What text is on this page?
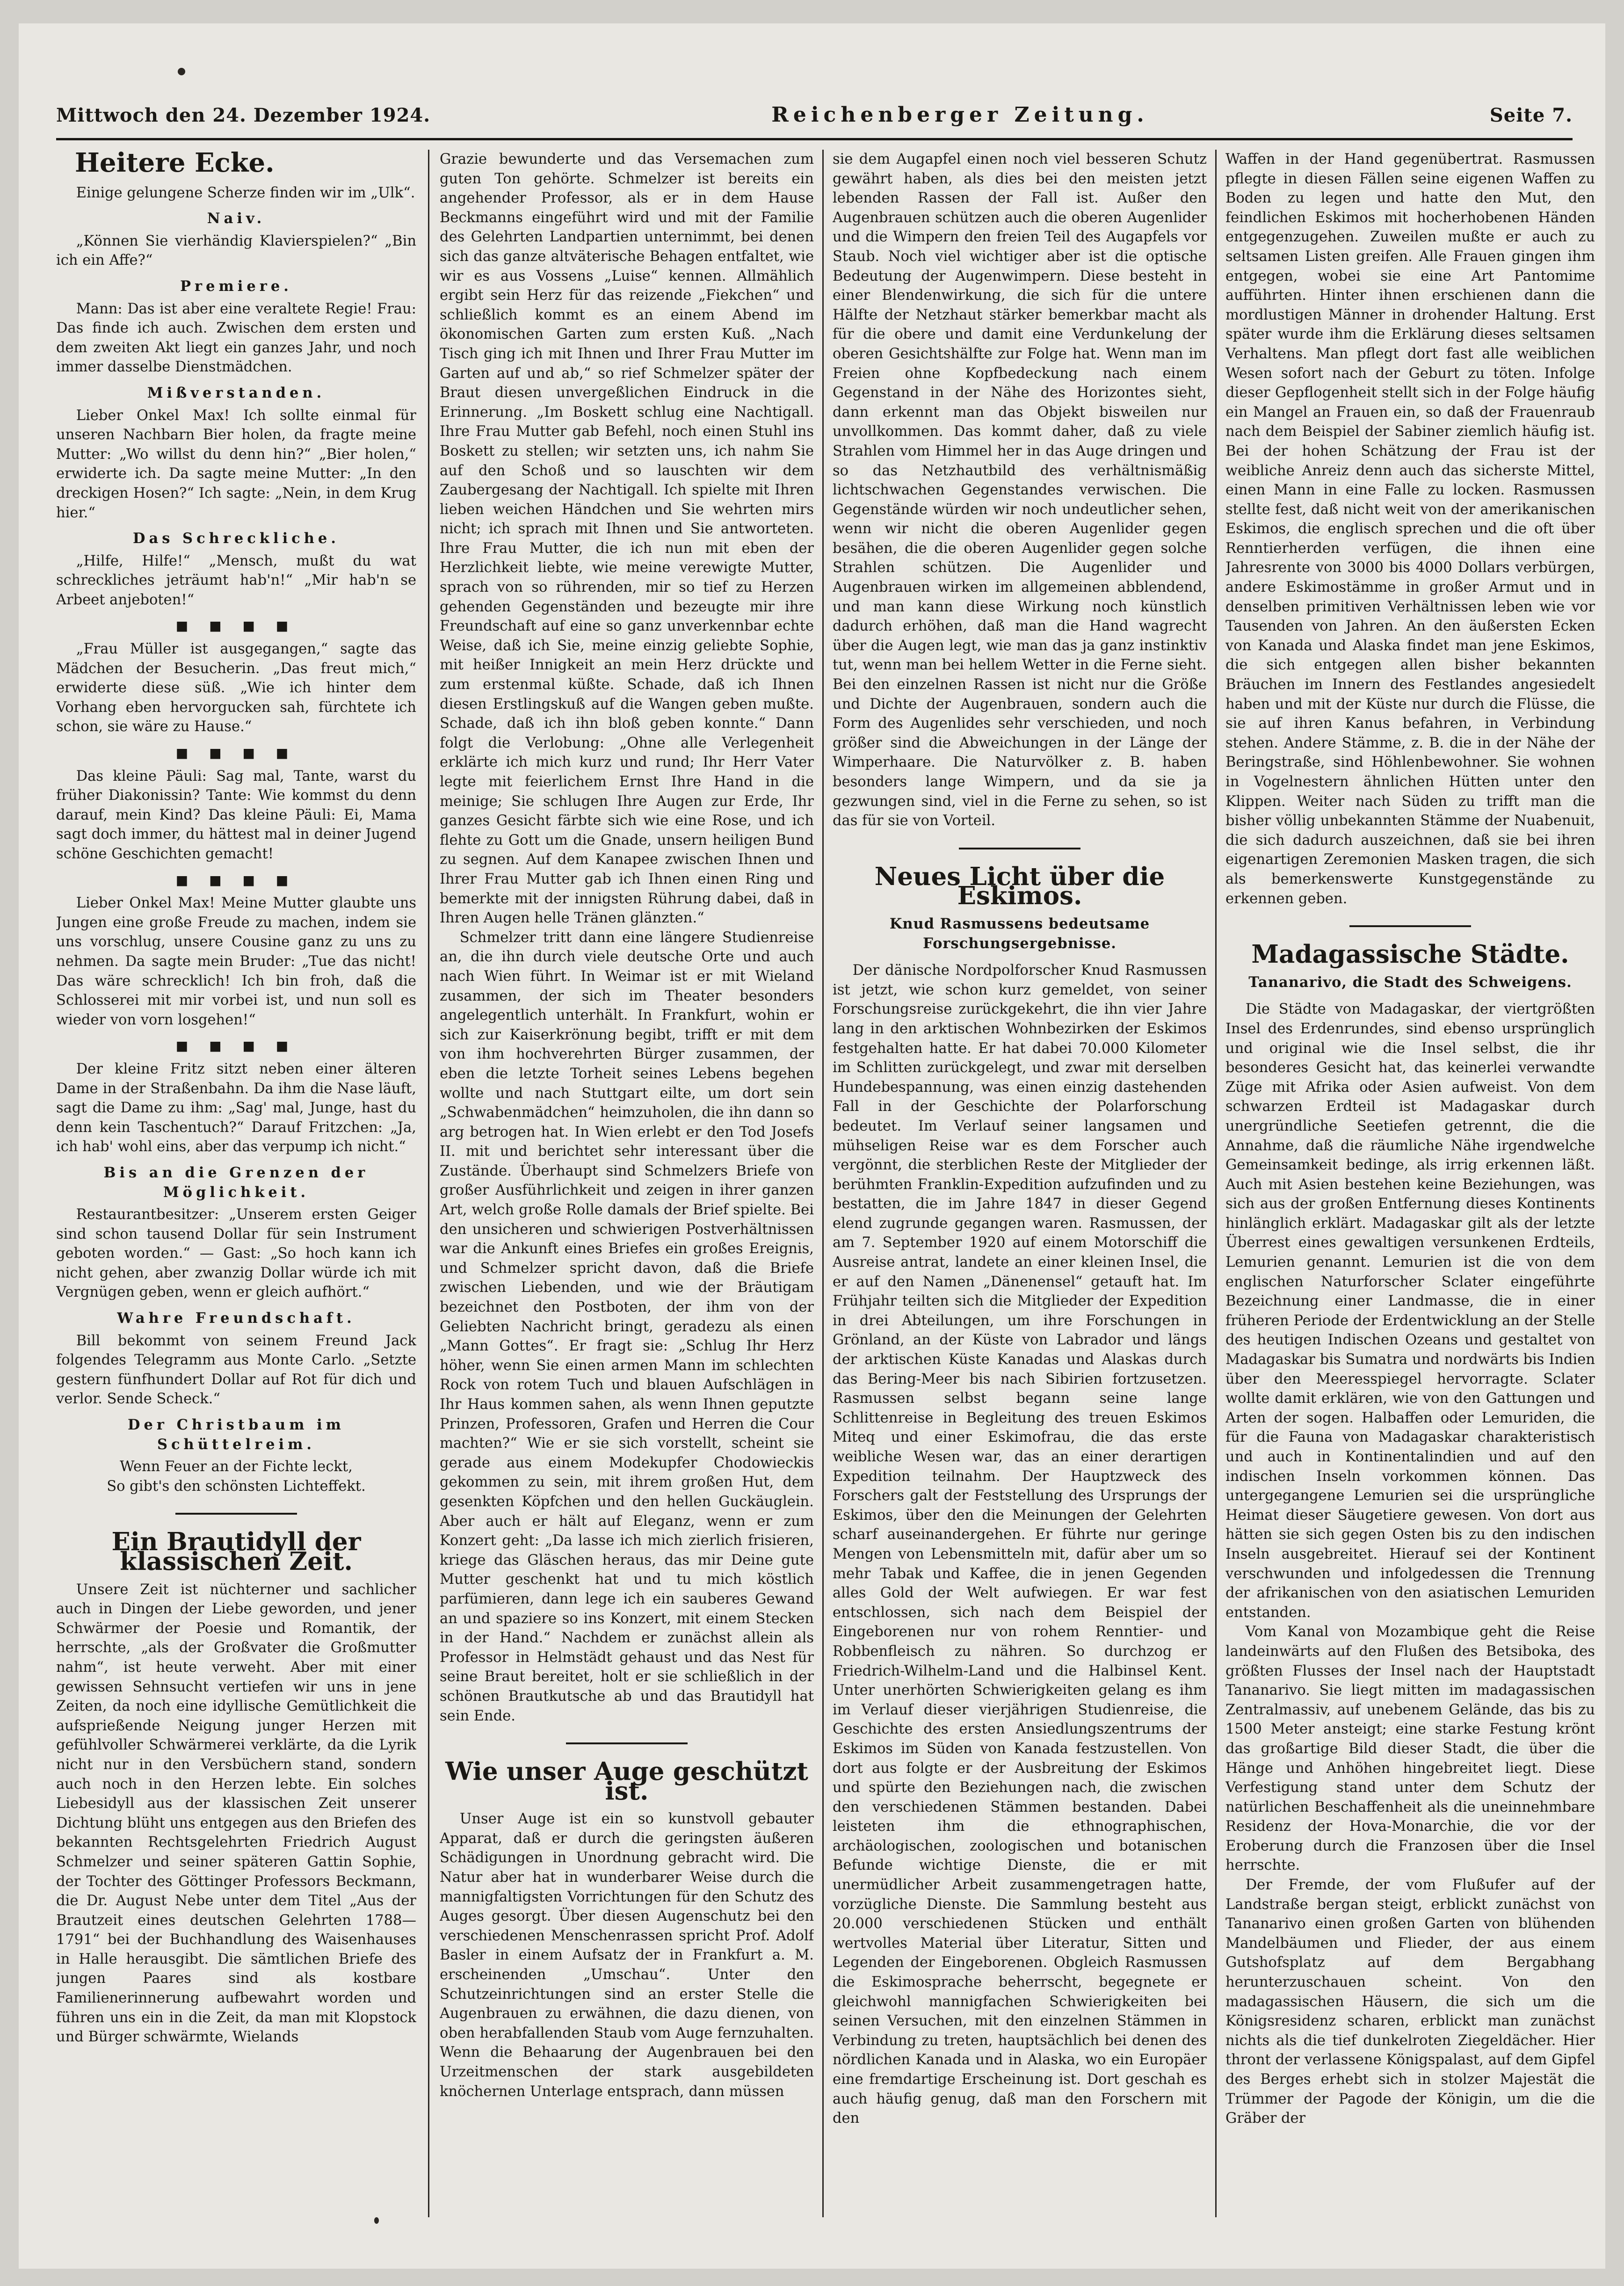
Mittwoch den 24. Dezember 1924.	Reichenberger Zeitung.	Seite 7.
Heitere Ecke.

Einige gelungene Scherze finden wir im „Ulk“.

Naiv.

„Können Sie vierhändig Klavierspielen?“ „Bin ich ein Affe?“

Premiere.

Mann: Das ist aber eine veraltete Regie! Frau: Das finde ich auch. Zwischen dem ersten und dem zweiten Akt liegt ein ganzes Jahr, und noch immer dasselbe Dienstmädchen.

Mißverstanden.

Lieber Onkel Max! Ich sollte einmal für unseren Nachbarn Bier holen, da fragte meine Mutter: „Wo willst du denn hin?“ „Bier holen,“ erwiderte ich. Da sagte meine Mutter: „In den dreckigen Hosen?“ Ich sagte: „Nein, in dem Krug hier.“

Das Schreckliche.

„Hilfe, Hilfe!“ „Mensch, mußt du wat schreckliches jeträumt hab'n!“ „Mir hab'n se Arbeet anjeboten!“

■ ■ ■ ■

„Frau Müller ist ausgegangen,“ sagte das Mädchen der Besucherin. „Das freut mich,“ erwiderte diese süß. „Wie ich hinter dem Vorhang eben hervorgucken sah, fürchtete ich schon, sie wäre zu Hause.“

■ ■ ■ ■

Das kleine Päuli: Sag mal, Tante, warst du früher Diakonissin? Tante: Wie kommst du denn darauf, mein Kind? Das kleine Päuli: Ei, Mama sagt doch immer, du hättest mal in deiner Jugend schöne Geschichten gemacht!

■ ■ ■ ■

Lieber Onkel Max! Meine Mutter glaubte uns Jungen eine große Freude zu machen, indem sie uns vorschlug, unsere Cousine ganz zu uns zu nehmen. Da sagte mein Bruder: „Tue das nicht! Das wäre schrecklich! Ich bin froh, daß die Schlosserei mit mir vorbei ist, und nun soll es wieder von vorn losgehen!“

■ ■ ■ ■

Der kleine Fritz sitzt neben einer älteren Dame in der Straßenbahn. Da ihm die Nase läuft, sagt die Dame zu ihm: „Sag' mal, Junge, hast du denn kein Taschentuch?“ Darauf Fritzchen: „Ja, ich hab' wohl eins, aber das verpump ich nicht.“

Bis an die Grenzen der Möglichkeit.

Restaurantbesitzer: „Unserem ersten Geiger sind schon tausend Dollar für sein Instrument geboten worden.“ — Gast: „So hoch kann ich nicht gehen, aber zwanzig Dollar würde ich mit Vergnügen geben, wenn er gleich aufhört.“

Wahre Freundschaft.

Bill bekommt von seinem Freund Jack folgendes Telegramm aus Monte Carlo. „Setzte gestern fünfhundert Dollar auf Rot für dich und verlor. Sende Scheck.“

Der Christbaum im Schüttelreim.

Wenn Feuer an der Fichte leckt,

So gibt's den schönsten Lichteffekt.

Ein Brautidyll der klassischen Zeit.

Unsere Zeit ist nüchterner und sachlicher auch in Dingen der Liebe geworden, und jener Schwärmer der Poesie und Romantik, der herrschte, „als der Großvater die Großmutter nahm“, ist heute verweht. Aber mit einer gewissen Sehnsucht vertiefen wir uns in jene Zeiten, da noch eine idyllische Gemütlichkeit die aufsprießende Neigung junger Herzen mit gefühlvoller Schwärmerei verklärte, da die Lyrik nicht nur in den Versbüchern stand, sondern auch noch in den Herzen lebte. Ein solches Liebesidyll aus der klassischen Zeit unserer Dichtung blüht uns entgegen aus den Briefen des bekannten Rechtsgelehrten Friedrich August Schmelzer und seiner späteren Gattin Sophie, der Tochter des Göttinger Professors Beckmann, die Dr. August Nebe unter dem Titel „Aus der Brautzeit eines deutschen Gelehrten 1788—1791“ bei der Buchhandlung des Waisenhauses in Halle herausgibt. Die sämtlichen Briefe des jungen Paares sind als kostbare Familienerinnerung aufbewahrt worden und führen uns ein in die Zeit, da man mit Klopstock und Bürger schwärmte, Wielands

Grazie bewunderte und das Versemachen zum guten Ton gehörte. Schmelzer ist bereits ein angehender Professor, als er in dem Hause Beckmanns eingeführt wird und mit der Familie des Gelehrten Landpartien unternimmt, bei denen sich das ganze altväterische Behagen entfaltet, wie wir es aus Vossens „Luise“ kennen. Allmählich ergibt sein Herz für das reizende „Fiekchen“ und schließlich kommt es an einem Abend im ökonomischen Garten zum ersten Kuß. „Nach Tisch ging ich mit Ihnen und Ihrer Frau Mutter im Garten auf und ab,“ so rief Schmelzer später der Braut diesen unvergeßlichen Eindruck in die Erinnerung. „Im Boskett schlug eine Nachtigall. Ihre Frau Mutter gab Befehl, noch einen Stuhl ins Boskett zu stellen; wir setzten uns, ich nahm Sie auf den Schoß und so lauschten wir dem Zaubergesang der Nachtigall. Ich spielte mit Ihren lieben weichen Händchen und Sie wehrten mirs nicht; ich sprach mit Ihnen und Sie antworteten. Ihre Frau Mutter, die ich nun mit eben der Herzlichkeit liebte, wie meine verewigte Mutter, sprach von so rührenden, mir so tief zu Herzen gehenden Gegenständen und bezeugte mir ihre Freundschaft auf eine so ganz unverkennbar echte Weise, daß ich Sie, meine einzig geliebte Sophie, mit heißer Innigkeit an mein Herz drückte und zum erstenmal küßte. Schade, daß ich Ihnen diesen Erstlingskuß auf die Wangen geben mußte. Schade, daß ich ihn bloß geben konnte.“ Dann folgt die Verlobung: „Ohne alle Verlegenheit erklärte ich mich kurz und rund; Ihr Herr Vater legte mit feierlichem Ernst Ihre Hand in die meinige; Sie schlugen Ihre Augen zur Erde, Ihr ganzes Gesicht färbte sich wie eine Rose, und ich flehte zu Gott um die Gnade, unsern heiligen Bund zu segnen. Auf dem Kanapee zwischen Ihnen und Ihrer Frau Mutter gab ich Ihnen einen Ring und bemerkte mit der innigsten Rührung dabei, daß in Ihren Augen helle Tränen glänzten.“

Schmelzer tritt dann eine längere Studienreise an, die ihn durch viele deutsche Orte und auch nach Wien führt. In Weimar ist er mit Wieland zusammen, der sich im Theater besonders angelegentlich unterhält. In Frankfurt, wohin er sich zur Kaiserkrönung begibt, trifft er mit dem von ihm hochverehrten Bürger zusammen, der eben die letzte Torheit seines Lebens begehen wollte und nach Stuttgart eilte, um dort sein „Schwabenmädchen“ heimzuholen, die ihn dann so arg betrogen hat. In Wien erlebt er den Tod Josefs II. mit und berichtet sehr interessant über die Zustände. Überhaupt sind Schmelzers Briefe von großer Ausführlichkeit und zeigen in ihrer ganzen Art, welch große Rolle damals der Brief spielte. Bei den unsicheren und schwierigen Postverhältnissen war die Ankunft eines Briefes ein großes Ereignis, und Schmelzer spricht davon, daß die Briefe zwischen Liebenden, und wie der Bräutigam bezeichnet den Postboten, der ihm von der Geliebten Nachricht bringt, geradezu als einen „Mann Gottes“. Er fragt sie: „Schlug Ihr Herz höher, wenn Sie einen armen Mann im schlechten Rock von rotem Tuch und blauen Aufschlägen in Ihr Haus kommen sahen, als wenn Ihnen geputzte Prinzen, Professoren, Grafen und Herren die Cour machten?“ Wie er sie sich vorstellt, scheint sie gerade aus einem Modekupfer Chodowieckis gekommen zu sein, mit ihrem großen Hut, dem gesenkten Köpfchen und den hellen Guckäuglein. Aber auch er hält auf Eleganz, wenn er zum Konzert geht: „Da lasse ich mich zierlich frisieren, kriege das Gläschen heraus, das mir Deine gute Mutter geschenkt hat und tu mich köstlich parfümieren, dann lege ich ein sauberes Gewand an und spaziere so ins Konzert, mit einem Stecken in der Hand.“ Nachdem er zunächst allein als Professor in Helmstädt gehaust und das Nest für seine Braut bereitet, holt er sie schließlich in der schönen Brautkutsche ab und das Brautidyll hat sein Ende.

Wie unser Auge geschützt ist.

Unser Auge ist ein so kunstvoll gebauter Apparat, daß er durch die geringsten äußeren Schädigungen in Unordnung gebracht wird. Die Natur aber hat in wunderbarer Weise durch die mannigfaltigsten Vorrichtungen für den Schutz des Auges gesorgt. Über diesen Augenschutz bei den verschiedenen Menschenrassen spricht Prof. Adolf Basler in einem Aufsatz der in Frankfurt a. M. erscheinenden „Umschau“. Unter den Schutzeinrichtungen sind an erster Stelle die Augenbrauen zu erwähnen, die dazu dienen, von oben herabfallenden Staub vom Auge fernzuhalten. Wenn die Behaarung der Augenbrauen bei den Urzeitmenschen der stark ausgebildeten knöchernen Unterlage entsprach, dann müssen

sie dem Augapfel einen noch viel besseren Schutz gewährt haben, als dies bei den meisten jetzt lebenden Rassen der Fall ist. Außer den Augenbrauen schützen auch die oberen Augenlider und die Wimpern den freien Teil des Augapfels vor Staub. Noch viel wichtiger aber ist die optische Bedeutung der Augenwimpern. Diese besteht in einer Blendenwirkung, die sich für die untere Hälfte der Netzhaut stärker bemerkbar macht als für die obere und damit eine Verdunkelung der oberen Gesichtshälfte zur Folge hat. Wenn man im Freien ohne Kopfbedeckung nach einem Gegenstand in der Nähe des Horizontes sieht, dann erkennt man das Objekt bisweilen nur unvollkommen. Das kommt daher, daß zu viele Strahlen vom Himmel her in das Auge dringen und so das Netzhautbild des verhältnismäßig lichtschwachen Gegenstandes verwischen. Die Gegenstände würden wir noch undeutlicher sehen, wenn wir nicht die oberen Augenlider gegen besähen, die die oberen Augenlider gegen solche Strahlen schützen. Die Augenlider und Augenbrauen wirken im allgemeinen abblendend, und man kann diese Wirkung noch künstlich dadurch erhöhen, daß man die Hand wagrecht über die Augen legt, wie man das ja ganz instinktiv tut, wenn man bei hellem Wetter in die Ferne sieht. Bei den einzelnen Rassen ist nicht nur die Größe und Dichte der Augenbrauen, sondern auch die Form des Augenlides sehr verschieden, und noch größer sind die Abweichungen in der Länge der Wimperhaare. Die Naturvölker z. B. haben besonders lange Wimpern, und da sie ja gezwungen sind, viel in die Ferne zu sehen, so ist das für sie von Vorteil.

Neues Licht über die Eskimos.
Knud Rasmussens bedeutsame Forschungsergebnisse.

Der dänische Nordpolforscher Knud Rasmussen ist jetzt, wie schon kurz gemeldet, von seiner Forschungsreise zurückgekehrt, die ihn vier Jahre lang in den arktischen Wohnbezirken der Eskimos festgehalten hatte. Er hat dabei 70.000 Kilometer im Schlitten zurückgelegt, und zwar mit derselben Hundebespannung, was einen einzig dastehenden Fall in der Geschichte der Polarforschung bedeutet. Im Verlauf seiner langsamen und mühseligen Reise war es dem Forscher auch vergönnt, die sterblichen Reste der Mitglieder der berühmten Franklin-Expedition aufzufinden und zu bestatten, die im Jahre 1847 in dieser Gegend elend zugrunde gegangen waren. Rasmussen, der am 7. September 1920 auf einem Motorschiff die Ausreise antrat, landete an einer kleinen Insel, die er auf den Namen „Dänenensel“ getauft hat. Im Frühjahr teilten sich die Mitglieder der Expedition in drei Abteilungen, um ihre Forschungen in Grönland, an der Küste von Labrador und längs der arktischen Küste Kanadas und Alaskas durch das Bering-Meer bis nach Sibirien fortzusetzen. Rasmussen selbst begann seine lange Schlittenreise in Begleitung des treuen Eskimos Miteq und einer Eskimofrau, die das erste weibliche Wesen war, das an einer derartigen Expedition teilnahm. Der Hauptzweck des Forschers galt der Feststellung des Ursprungs der Eskimos, über den die Meinungen der Gelehrten scharf auseinandergehen. Er führte nur geringe Mengen von Lebensmitteln mit, dafür aber um so mehr Tabak und Kaffee, die in jenen Gegenden alles Gold der Welt aufwiegen. Er war fest entschlossen, sich nach dem Beispiel der Eingeborenen nur von rohem Renntier- und Robbenfleisch zu nähren. So durchzog er Friedrich-Wilhelm-Land und die Halbinsel Kent. Unter unerhörten Schwierigkeiten gelang es ihm im Verlauf dieser vierjährigen Studienreise, die Geschichte des ersten Ansiedlungszentrums der Eskimos im Süden von Kanada festzustellen. Von dort aus folgte er der Ausbreitung der Eskimos und spürte den Beziehungen nach, die zwischen den verschiedenen Stämmen bestanden. Dabei leisteten ihm die ethnographischen, archäologischen, zoologischen und botanischen Befunde wichtige Dienste, die er mit unermüdlicher Arbeit zusammengetragen hatte, vorzügliche Dienste. Die Sammlung besteht aus 20.000 verschiedenen Stücken und enthält wertvolles Material über Literatur, Sitten und Legenden der Eingeborenen. Obgleich Rasmussen die Eskimosprache beherrscht, begegnete er gleichwohl mannigfachen Schwierigkeiten bei seinen Versuchen, mit den einzelnen Stämmen in Verbindung zu treten, hauptsächlich bei denen des nördlichen Kanada und in Alaska, wo ein Europäer eine fremdartige Erscheinung ist. Dort geschah es auch häufig genug, daß man den Forschern mit den

Waffen in der Hand gegenübertrat. Rasmussen pflegte in diesen Fällen seine eigenen Waffen zu Boden zu legen und hatte den Mut, den feindlichen Eskimos mit hocherhobenen Händen entgegenzugehen. Zuweilen mußte er auch zu seltsamen Listen greifen. Alle Frauen gingen ihm entgegen, wobei sie eine Art Pantomime aufführten. Hinter ihnen erschienen dann die mordlustigen Männer in drohender Haltung. Erst später wurde ihm die Erklärung dieses seltsamen Verhaltens. Man pflegt dort fast alle weiblichen Wesen sofort nach der Geburt zu töten. Infolge dieser Gepflogenheit stellt sich in der Folge häufig ein Mangel an Frauen ein, so daß der Frauenraub nach dem Beispiel der Sabiner ziemlich häufig ist. Bei der hohen Schätzung der Frau ist der weibliche Anreiz denn auch das sicherste Mittel, einen Mann in eine Falle zu locken. Rasmussen stellte fest, daß nicht weit von der amerikanischen Eskimos, die englisch sprechen und die oft über Renntierherden verfügen, die ihnen eine Jahresrente von 3000 bis 4000 Dollars verbürgen, andere Eskimostämme in großer Armut und in denselben primitiven Verhältnissen leben wie vor Tausenden von Jahren. An den äußersten Ecken von Kanada und Alaska findet man jene Eskimos, die sich entgegen allen bisher bekannten Bräuchen im Innern des Festlandes angesiedelt haben und mit der Küste nur durch die Flüsse, die sie auf ihren Kanus befahren, in Verbindung stehen. Andere Stämme, z. B. die in der Nähe der Beringstraße, sind Höhlenbewohner. Sie wohnen in Vogelnestern ähnlichen Hütten unter den Klippen. Weiter nach Süden zu trifft man die bisher völlig unbekannten Stämme der Nuabenuit, die sich dadurch auszeichnen, daß sie bei ihren eigenartigen Zeremonien Masken tragen, die sich als bemerkenswerte Kunstgegenstände zu erkennen geben.

Madagassische Städte.
Tananarivo, die Stadt des Schweigens.

Die Städte von Madagaskar, der viertgrößten Insel des Erdenrundes, sind ebenso ursprünglich und original wie die Insel selbst, die ihr besonderes Gesicht hat, das keinerlei verwandte Züge mit Afrika oder Asien aufweist. Von dem schwarzen Erdteil ist Madagaskar durch unergründliche Seetiefen getrennt, die die Annahme, daß die räumliche Nähe irgendwelche Gemeinsamkeit bedinge, als irrig erkennen läßt. Auch mit Asien bestehen keine Beziehungen, was sich aus der großen Entfernung dieses Kontinents hinlänglich erklärt. Madagaskar gilt als der letzte Überrest eines gewaltigen versunkenen Erdteils, Lemurien genannt. Lemurien ist die von dem englischen Naturforscher Sclater eingeführte Bezeichnung einer Landmasse, die in einer früheren Periode der Erdentwicklung an der Stelle des heutigen Indischen Ozeans und gestaltet von Madagaskar bis Sumatra und nordwärts bis Indien über den Meeresspiegel hervorragte. Sclater wollte damit erklären, wie von den Gattungen und Arten der sogen. Halbaffen oder Lemuriden, die für die Fauna von Madagaskar charakteristisch und auch in Kontinentalindien und auf den indischen Inseln vorkommen können. Das untergegangene Lemurien sei die ursprüngliche Heimat dieser Säugetiere gewesen. Von dort aus hätten sie sich gegen Osten bis zu den indischen Inseln ausgebreitet. Hierauf sei der Kontinent verschwunden und infolgedessen die Trennung der afrikanischen von den asiatischen Lemuriden entstanden.

Vom Kanal von Mozambique geht die Reise landeinwärts auf den Flußen des Betsiboka, des größten Flusses der Insel nach der Hauptstadt Tananarivo. Sie liegt mitten im madagassischen Zentralmassiv, auf unebenem Gelände, das bis zu 1500 Meter ansteigt; eine starke Festung krönt das großartige Bild dieser Stadt, die über die Hänge und Anhöhen hingebreitet liegt. Diese Verfestigung stand unter dem Schutz der natürlichen Beschaffenheit als die uneinnehmbare Residenz der Hova-Monarchie, die vor der Eroberung durch die Franzosen über die Insel herrschte.

Der Fremde, der vom Flußufer auf der Landstraße bergan steigt, erblickt zunächst von Tananarivo einen großen Garten von blühenden Mandelbäumen und Flieder, der aus einem Gutshofsplatz auf dem Bergabhang herunterzuschauen scheint. Von den madagassischen Häusern, die sich um die Königsresidenz scharen, erblickt man zunächst nichts als die tief dunkelroten Ziegeldächer. Hier thront der verlassene Königspalast, auf dem Gipfel des Berges erhebt sich in stolzer Majestät die Trümmer der Pagode der Königin, um die die Gräber der
